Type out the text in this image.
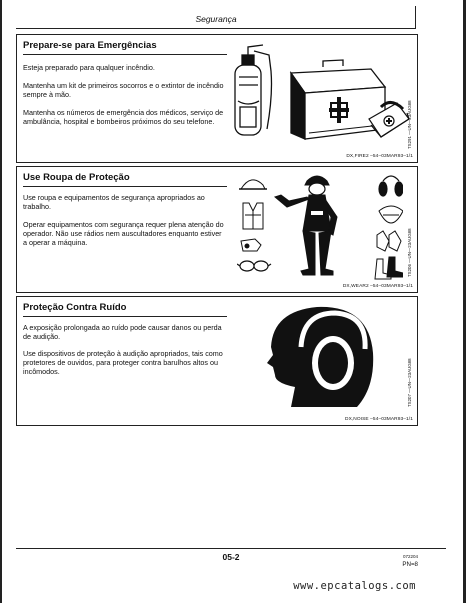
Segurança
Prepare-se para Emergências

Esteja preparado para qualquer incêndio.

Mantenha um kit de primeiros socorros e o extintor de incêndio sempre à mão.

Mantenha os números de emergência dos médicos, serviço de ambulância, hospital e bombeiros próximos do seu telefone.	TS291 —UN—23AUG88
DX,FIRE2 –54–03MAR93–1/1
Use Roupa de Proteção

Use roupa e equipamentos de segurança apropriados ao trabalho.

Operar equipamentos com segurança requer plena atenção do operador. Não use rádios nem auscultadores enquanto estiver a operar a máquina.	TS206 —UN—23AUG88
DX,WEAR2 –54–03MAR93–1/1
Proteção Contra Ruído

A exposição prolongada ao ruído pode causar danos ou perda de audição.

Use dispositivos de proteção à audição apropriados, tais como protetores de ouvidos, para proteger contra barulhos altos ou incômodos.	TS207 —UN—23AUG88
DX,NOISE –54–03MAR93–1/1
05-2	072204
PN=8
www.epcatalogs.com
